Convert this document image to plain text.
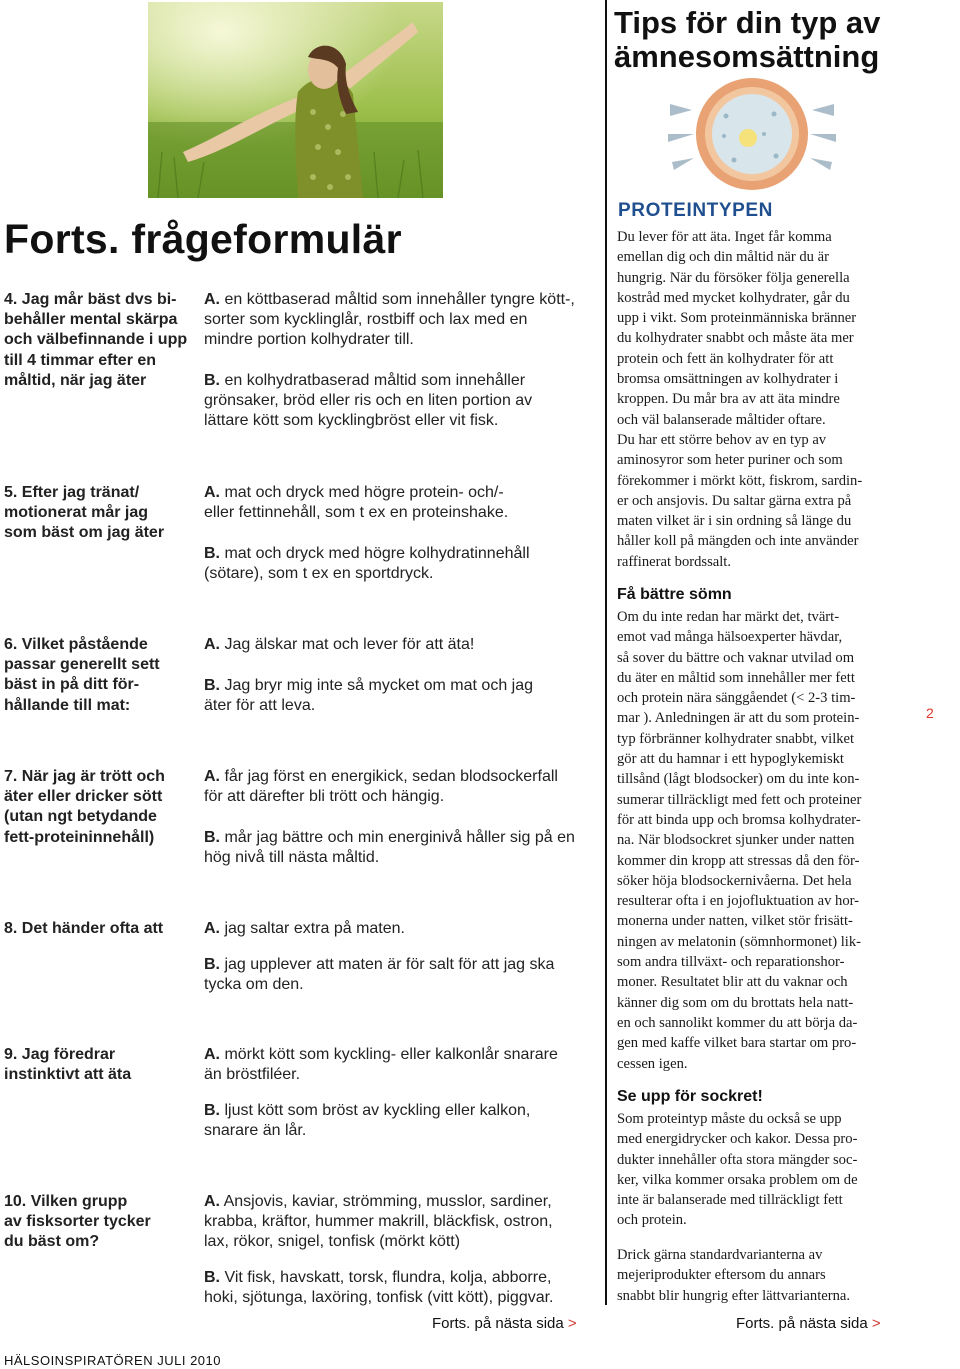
Tips för din typ av ämnesomsättning
Forts. frågeformulär
4. Jag mår bäst dvs bi-
behåller mental skärpa
och välbefinnande i upp
till 4 timmar efter en
måltid, när jag äter
A. en köttbaserad måltid som innehåller tyngre kött-,
sorter som kycklinglår, rostbiff och lax med en
mindre portion kolhydrater till.
B. en kolhydratbaserad måltid som innehåller
grönsaker, bröd eller ris och en liten portion av
lättare kött som kycklingbröst eller vit fisk.
5. Efter jag tränat/
motionerat mår jag
som bäst om jag äter
A. mat och dryck med högre protein- och/-
eller fettinnehåll, som t ex en proteinshake.
B. mat och dryck med högre kolhydratinnehåll
(sötare), som t ex en sportdryck.
6. Vilket påstående
passar generellt sett
bäst in på ditt för-
hållande till mat:
A. Jag älskar mat och lever för att äta!
B. Jag bryr mig inte så mycket om mat och jag
äter för att leva.
7. När jag är trött och
äter eller dricker sött
(utan ngt betydande
fett-proteininnehåll)
A. får jag först en energikick, sedan blodsockerfall
för att därefter bli trött och hängig.
B. mår jag bättre och min energinivå håller sig på en
hög nivå till nästa måltid.
8. Det händer ofta att	A. jag saltar extra på maten.
B. jag upplever att maten är för salt för att jag ska
tycka om den.
9. Jag föredrar
instinktivt att äta
A. mörkt kött som kyckling- eller kalkonlår snarare
än bröstfiléer.
B. ljust kött som bröst av kyckling eller kalkon,
snarare än lår.
10. Vilken grupp
av fisksorter tycker
du bäst om?
A. Ansjovis, kaviar, strömming, musslor, sardiner,
krabba, kräftor, hummer makrill, bläckfisk, ostron,
lax, rökor, snigel, tonfisk (mörkt kött)
B. Vit fisk, havskatt, torsk, flundra, kolja, abborre,
hoki, sjötunga, laxöring, tonfisk (vitt kött), piggvar.
Forts. på nästa sida >
PROTEINTYPEN
Du lever för att äta. Inget får komma
emellan dig och din måltid när du är
hungrig. När du försöker följa generella
kostråd med mycket kolhydrater, går du
upp i vikt. Som proteinmänniska bränner
du kolhydrater snabbt och måste äta mer
protein och fett än kolhydrater för att
bromsa omsättningen av kolhydrater i
kroppen. Du mår bra av att äta mindre
och väl balanserade måltider oftare.
Du har ett större behov av en typ av
aminosyror som heter puriner och som
förekommer i mörkt kött, fiskrom, sardin-
er och ansjovis. Du saltar gärna extra på
maten vilket är i sin ordning så länge du
håller koll på mängden och inte använder
raffinerat bordssalt.
Få bättre sömn
Om du inte redan har märkt det, tvärt-
emot vad många hälsoexperter hävdar,
så sover du bättre och vaknar utvilad om
du äter en måltid som innehåller mer fett
och protein nära sänggåendet (< 2-3 tim-
mar ). Anledningen är att du som protein-
typ förbränner kolhydrater snabbt, vilket
gör att du hamnar i ett hypoglykemiskt
tillsånd (lågt blodsocker) om du inte kon-
sumerar tillräckligt med fett och proteiner
för att binda upp och bromsa kolhydrater-
na. När blodsockret sjunker under natten
kommer din kropp att stressas då den för-
söker höja blodsockernivåerna. Det hela
resulterar ofta i en jojofluktuation av hor-
monerna under natten, vilket stör frisätt-
ningen av melatonin (sömnhormonet) lik-
som andra tillväxt- och reparationshor-
moner. Resultatet blir att du vaknar och
känner dig som om du brottats hela natt-
en och sannolikt kommer du att börja da-
gen med kaffe vilket bara startar om pro-
cessen igen.
Se upp för sockret!
Som proteintyp måste du också se upp
med energidrycker och kakor. Dessa pro-
dukter innehåller ofta stora mängder soc-
ker, vilka kommer orsaka problem om de
inte är balanserade med tillräckligt fett
och protein.
Drick gärna standardvarianterna av
mejeriprodukter eftersom du annars
snabbt blir hungrig efter lättvarianterna.
Forts. på nästa sida >
2
HÄLSOINSPIRATÖREN JULI 2010
